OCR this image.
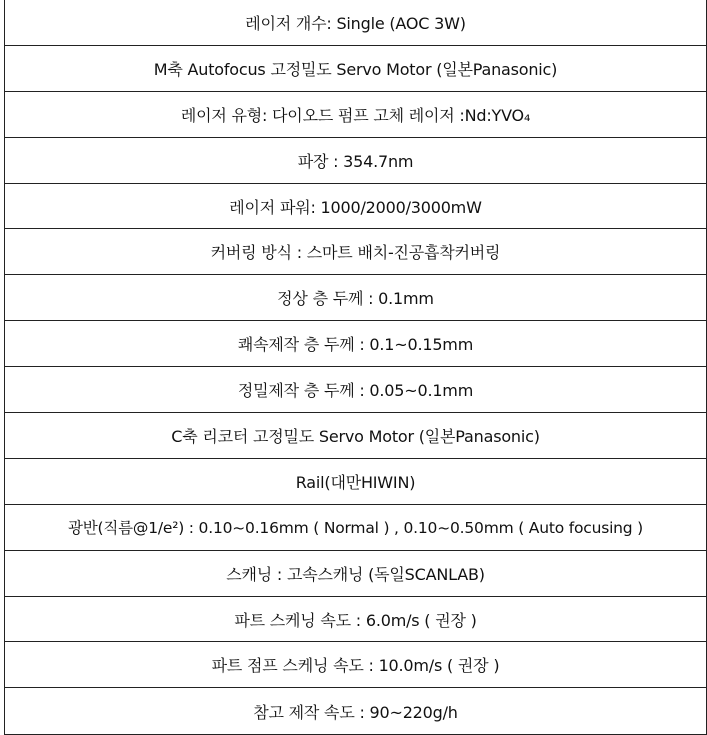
레이저 개수: Single (AOC 3W)
M축 Autofocus 고정밀도 Servo Motor (일본Panasonic)
레이저 유형: 다이오드 펌프 고체 레이저 :Nd:YVO₄
파장 : 354.7nm
레이저 파워: 1000/2000/3000mW
커버링 방식 : 스마트 배치-진공흡착커버링
정상 층 두께 : 0.1mm
쾌속제작 층 두께 : 0.1~0.15mm
정밀제작 층 두께 : 0.05~0.1mm
C축 리코터 고정밀도 Servo Motor (일본Panasonic)
Rail(대만HIWIN)
광반(직름@1/e²) : 0.10~0.16mm ( Normal ) , 0.10~0.50mm ( Auto focusing )
스캐닝 : 고속스캐닝 (독일SCANLAB)
파트 스케닝 속도 : 6.0m/s ( 권장 )
파트 점프 스케닝 속도 : 10.0m/s ( 권장 )
참고 제작 속도 : 90~220g/h
